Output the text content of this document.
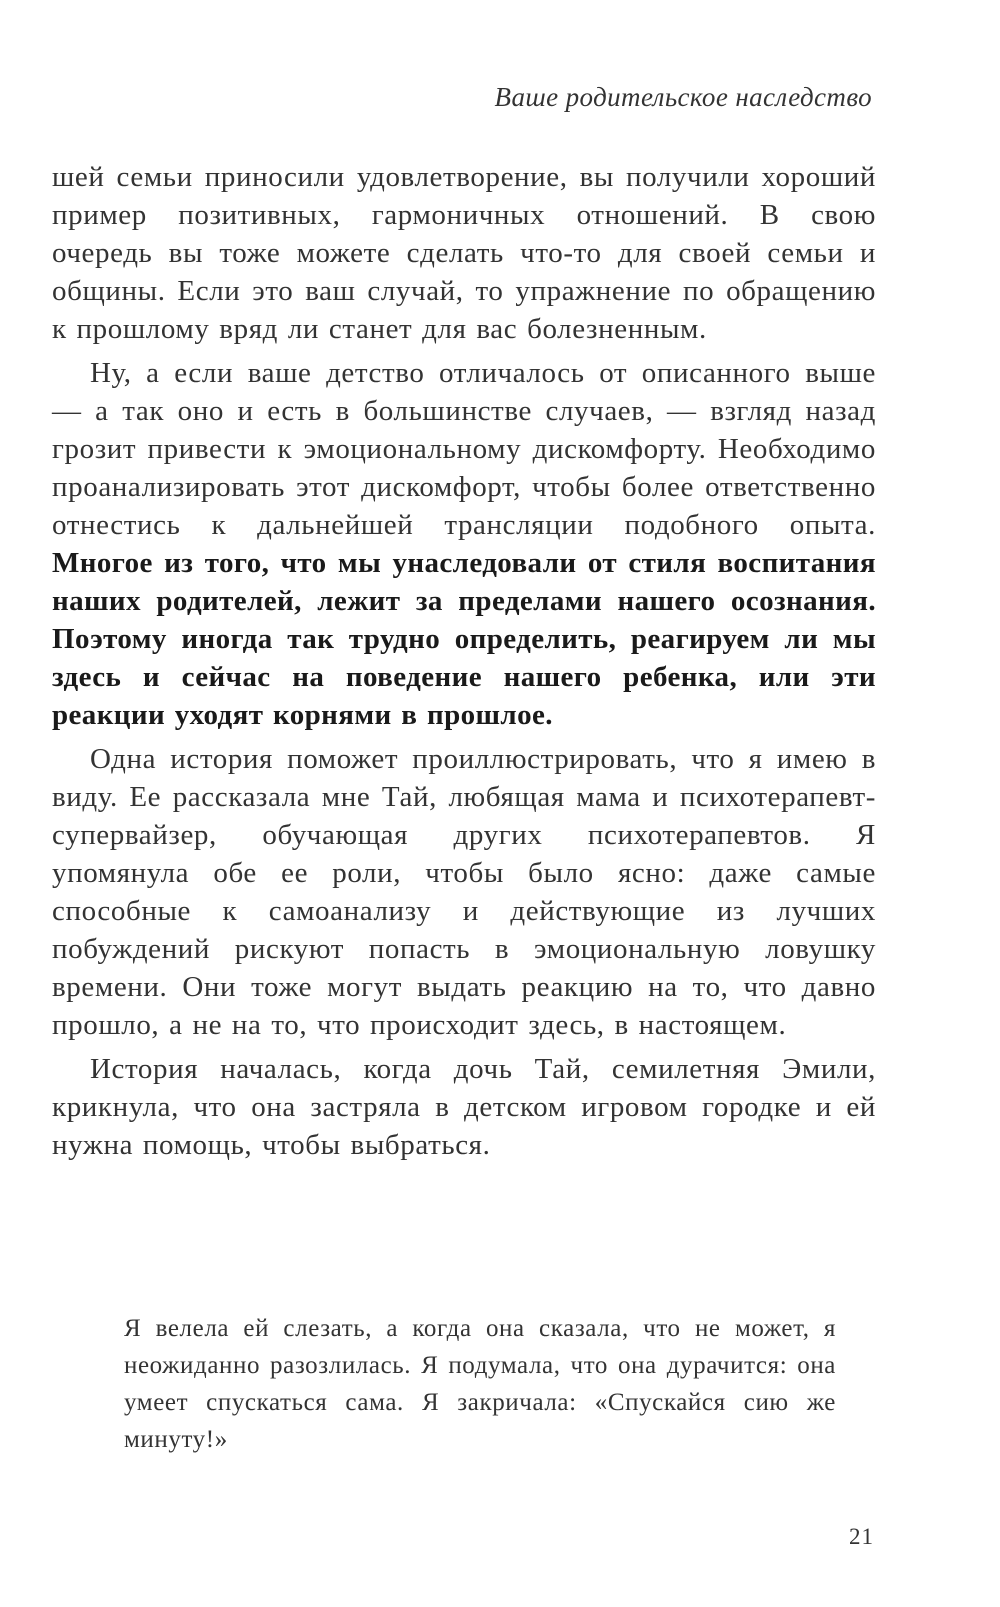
Ваше родительское наследство

шей семьи приносили удовлетворение, вы получили хороший пример позитивных, гармоничных отношений. В свою очередь вы тоже можете сделать что-то для своей семьи и общины. Если это ваш случай, то упражнение по обращению к прошлому вряд ли станет для вас болезненным.

Ну, а если ваше детство отличалось от описанного выше — а так оно и есть в большинстве случаев, — взгляд назад грозит привести к эмоциональному дискомфорту. Необходимо проанализировать этот дискомфорт, чтобы более ответственно отнестись к дальнейшей трансляции подобного опыта. Многое из того, что мы унаследовали от стиля воспитания наших родителей, лежит за пределами нашего осознания. Поэтому иногда так трудно определить, реагируем ли мы здесь и сейчас на поведение нашего ребенка, или эти реакции уходят корнями в прошлое.

Одна история поможет проиллюстрировать, что я имею в виду. Ее рассказала мне Тай, любящая мама и психотерапевт-супервайзер, обучающая других психотерапевтов. Я упомянула обе ее роли, чтобы было ясно: даже самые способные к самоанализу и действующие из лучших побуждений рискуют попасть в эмоциональную ловушку времени. Они тоже могут выдать реакцию на то, что давно прошло, а не на то, что происходит здесь, в настоящем.

История началась, когда дочь Тай, семилетняя Эмили, крикнула, что она застряла в детском игровом городке и ей нужна помощь, чтобы выбраться.

Я велела ей слезать, а когда она сказала, что не может, я неожиданно разозлилась. Я подумала, что она дурачится: она умеет спускаться сама. Я закричала: «Спускайся сию же минуту!»

21
